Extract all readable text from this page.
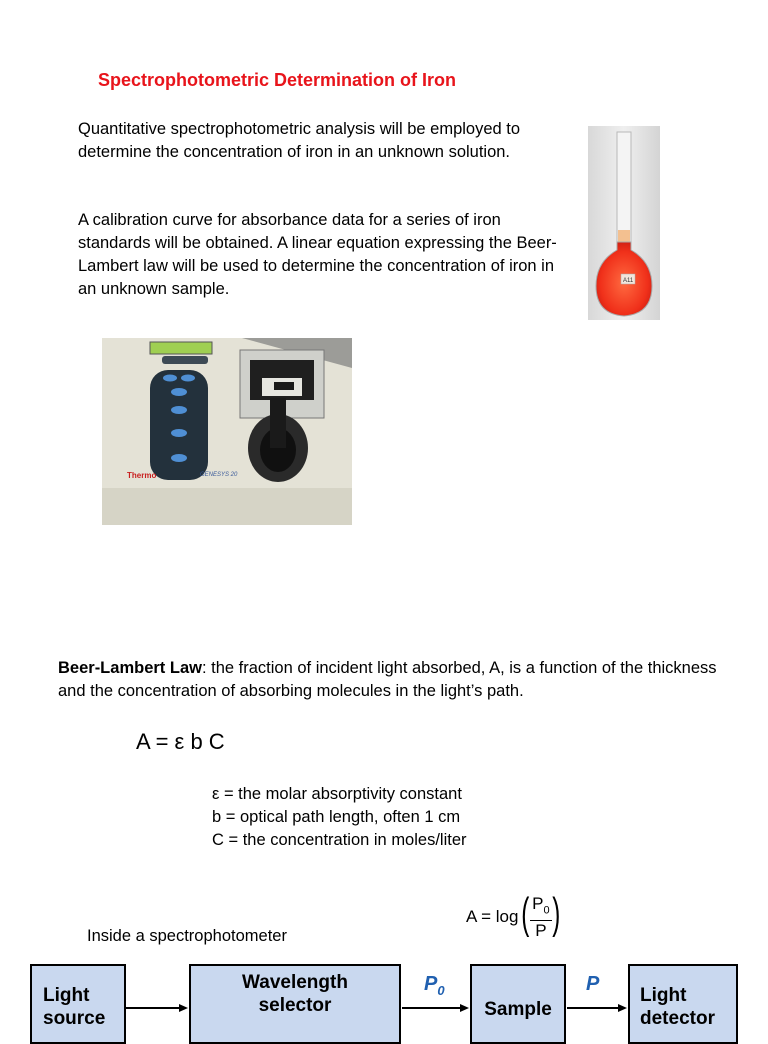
Spectrophotometric Determination of Iron
Quantitative spectrophotometric analysis will be employed to determine the concentration of iron in an unknown solution.
A calibration curve for absorbance data for a series of iron standards will be obtained. A linear equation expressing the Beer-Lambert law will be used to determine the concentration of iron in an unknown sample.	A11
Thermo	GENESYS 20
Beer-Lambert Law: the fraction of incident light absorbed, A, is a function of the thickness and the concentration of absorbing molecules in the light’s path.
A = ε b C
ε = the molar absorptivity constant
b = optical path length, often 1 cm
C = the concentration in moles/liter
A = log ( $\frac{P_0}{P}$ )
Inside a spectrophotometer
Light
source
Wavelength
selector	Sample
Light
detector
$P_0$	P
